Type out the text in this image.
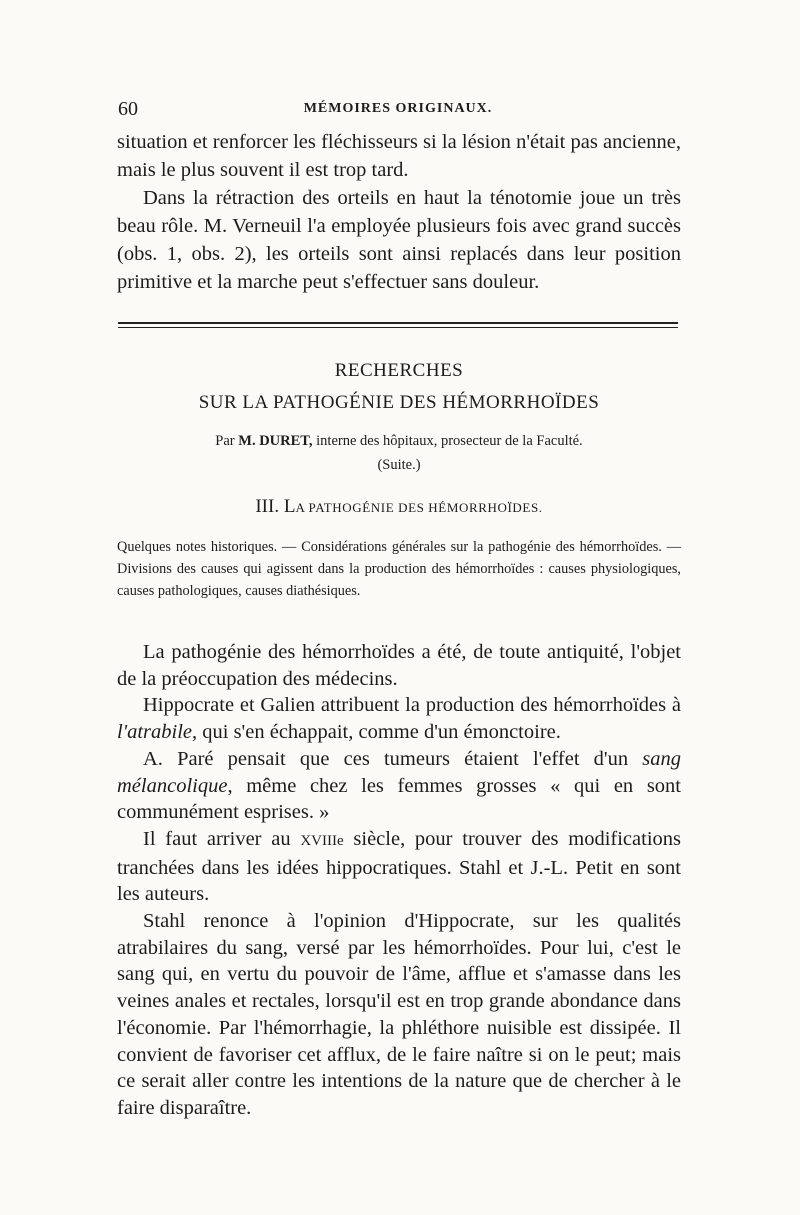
60	MÉMOIRES ORIGINAUX.

situation et renforcer les fléchisseurs si la lésion n'était pas ancienne, mais le plus souvent il est trop tard.

Dans la rétraction des orteils en haut la ténotomie joue un très beau rôle. M. Verneuil l'a employée plusieurs fois avec grand succès (obs. 1, obs. 2), les orteils sont ainsi replacés dans leur position primitive et la marche peut s'effectuer sans douleur.

RECHERCHES
SUR LA PATHOGÉNIE DES HÉMORRHOÏDES
Par M. DURET, interne des hôpitaux, prosecteur de la Faculté.
(Suite.)
III. LA PATHOGÉNIE DES HÉMORRHOÏDES.

Quelques notes historiques. — Considérations générales sur la pathogénie des hémorrhoïdes. — Divisions des causes qui agissent dans la production des hémorrhoïdes : causes physiologiques, causes pathologiques, causes diathésiques.

La pathogénie des hémorrhoïdes a été, de toute antiquité, l'objet de la préoccupation des médecins.

Hippocrate et Galien attribuent la production des hémorrhoïdes à l'atrabile, qui s'en échappait, comme d'un émonctoire.

A. Paré pensait que ces tumeurs étaient l'effet d'un sang mélancolique, même chez les femmes grosses « qui en sont communément esprises. »

Il faut arriver au XVIIIe siècle, pour trouver des modifications tranchées dans les idées hippocratiques. Stahl et J.-L. Petit en sont les auteurs.

Stahl renonce à l'opinion d'Hippocrate, sur les qualités atrabilaires du sang, versé par les hémorrhoïdes. Pour lui, c'est le sang qui, en vertu du pouvoir de l'âme, afflue et s'amasse dans les veines anales et rectales, lorsqu'il est en trop grande abondance dans l'économie. Par l'hémorrhagie, la phléthore nuisible est dissipée. Il convient de favoriser cet afflux, de le faire naître si on le peut; mais ce serait aller contre les intentions de la nature que de chercher à le faire disparaître.
